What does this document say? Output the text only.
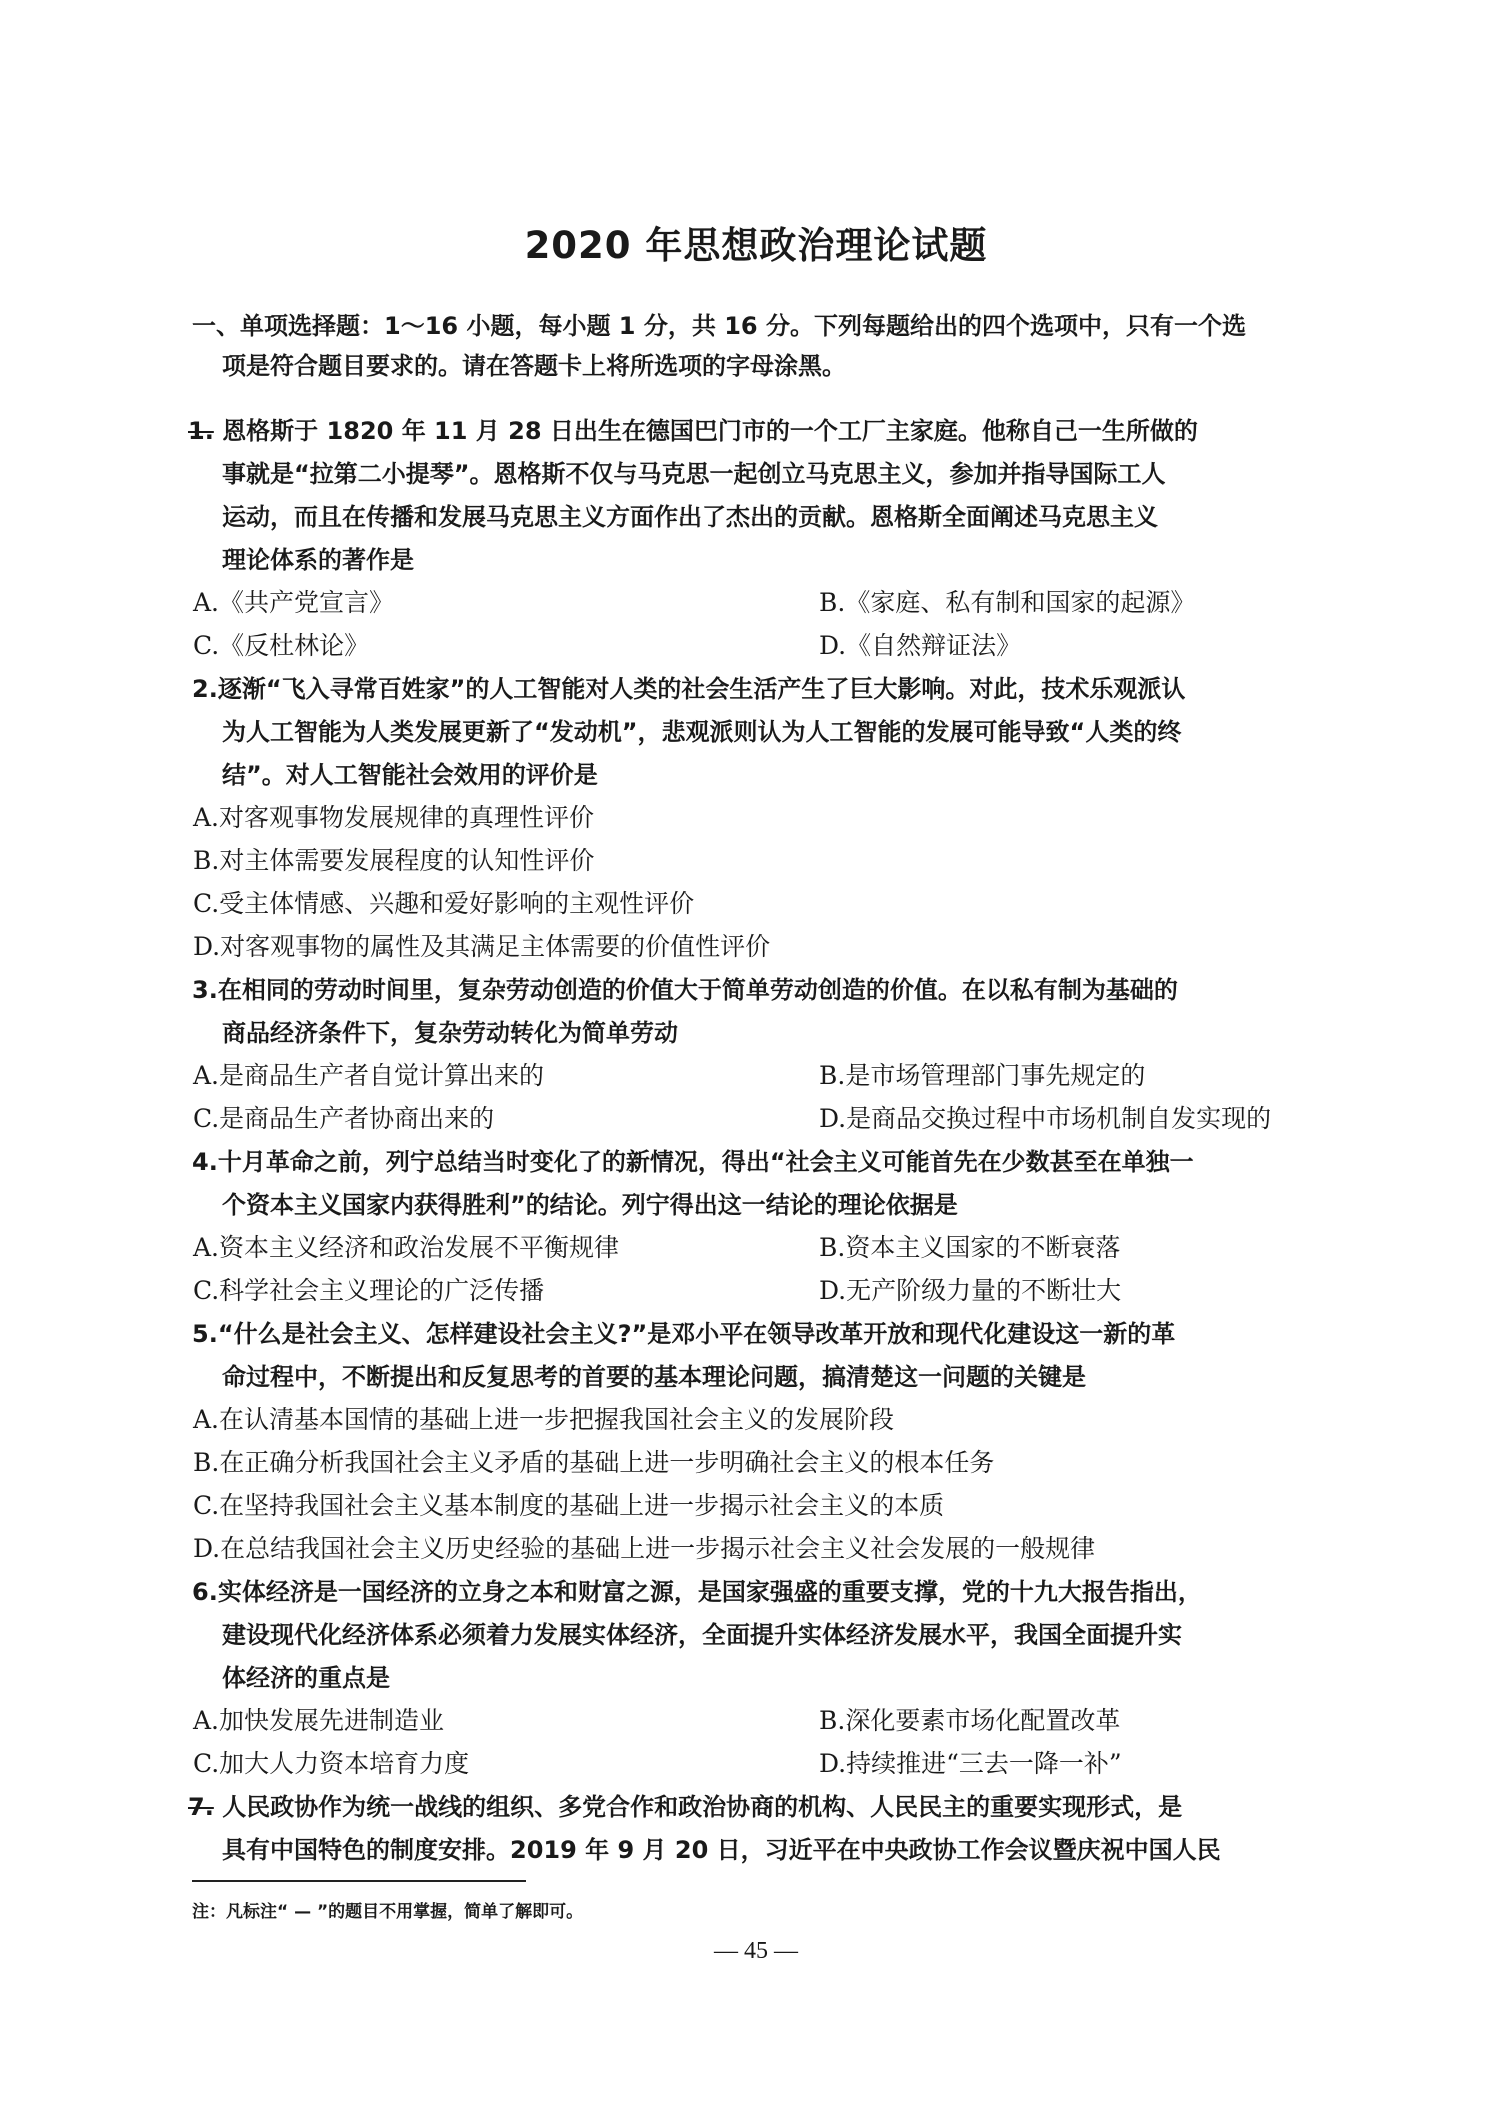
2020 年思想政治理论试题
一、单项选择题：1～16 小题，每小题 1 分，共 16 分。下列每题给出的四个选项中，只有一个选
项是符合题目要求的。请在答题卡上将所选项的字母涂黑。
1. 恩格斯于 1820 年 11 月 28 日出生在德国巴门市的一个工厂主家庭。他称自己一生所做的
事就是“拉第二小提琴”。恩格斯不仅与马克思一起创立马克思主义，参加并指导国际工人
运动，而且在传播和发展马克思主义方面作出了杰出的贡献。恩格斯全面阐述马克思主义
理论体系的著作是
A.《共产党宣言》	B.《家庭、私有制和国家的起源》
C.《反杜林论》	D.《自然辩证法》
2.逐渐“飞入寻常百姓家”的人工智能对人类的社会生活产生了巨大影响。对此，技术乐观派认
为人工智能为人类发展更新了“发动机”，悲观派则认为人工智能的发展可能导致“人类的终
结”。对人工智能社会效用的评价是
A.对客观事物发展规律的真理性评价
B.对主体需要发展程度的认知性评价
C.受主体情感、兴趣和爱好影响的主观性评价
D.对客观事物的属性及其满足主体需要的价值性评价
3.在相同的劳动时间里，复杂劳动创造的价值大于简单劳动创造的价值。在以私有制为基础的
商品经济条件下，复杂劳动转化为简单劳动
A.是商品生产者自觉计算出来的	B.是市场管理部门事先规定的
C.是商品生产者协商出来的	D.是商品交换过程中市场机制自发实现的
4.十月革命之前，列宁总结当时变化了的新情况，得出“社会主义可能首先在少数甚至在单独一
个资本主义国家内获得胜利”的结论。列宁得出这一结论的理论依据是
A.资本主义经济和政治发展不平衡规律	B.资本主义国家的不断衰落
C.科学社会主义理论的广泛传播	D.无产阶级力量的不断壮大
5.“什么是社会主义、怎样建设社会主义?”是邓小平在领导改革开放和现代化建设这一新的革
命过程中，不断提出和反复思考的首要的基本理论问题，搞清楚这一问题的关键是
A.在认清基本国情的基础上进一步把握我国社会主义的发展阶段
B.在正确分析我国社会主义矛盾的基础上进一步明确社会主义的根本任务
C.在坚持我国社会主义基本制度的基础上进一步揭示社会主义的本质
D.在总结我国社会主义历史经验的基础上进一步揭示社会主义社会发展的一般规律
6.实体经济是一国经济的立身之本和财富之源，是国家强盛的重要支撑，党的十九大报告指出，
建设现代化经济体系必须着力发展实体经济，全面提升实体经济发展水平，我国全面提升实
体经济的重点是
A.加快发展先进制造业	B.深化要素市场化配置改革
C.加大人力资本培育力度	D.持续推进“三去一降一补”
7. 人民政协作为统一战线的组织、多党合作和政治协商的机构、人民民主的重要实现形式，是
具有中国特色的制度安排。2019 年 9 月 20 日，习近平在中央政协工作会议暨庆祝中国人民
注：凡标注“ — ”的题目不用掌握，简单了解即可。
— 45 —
